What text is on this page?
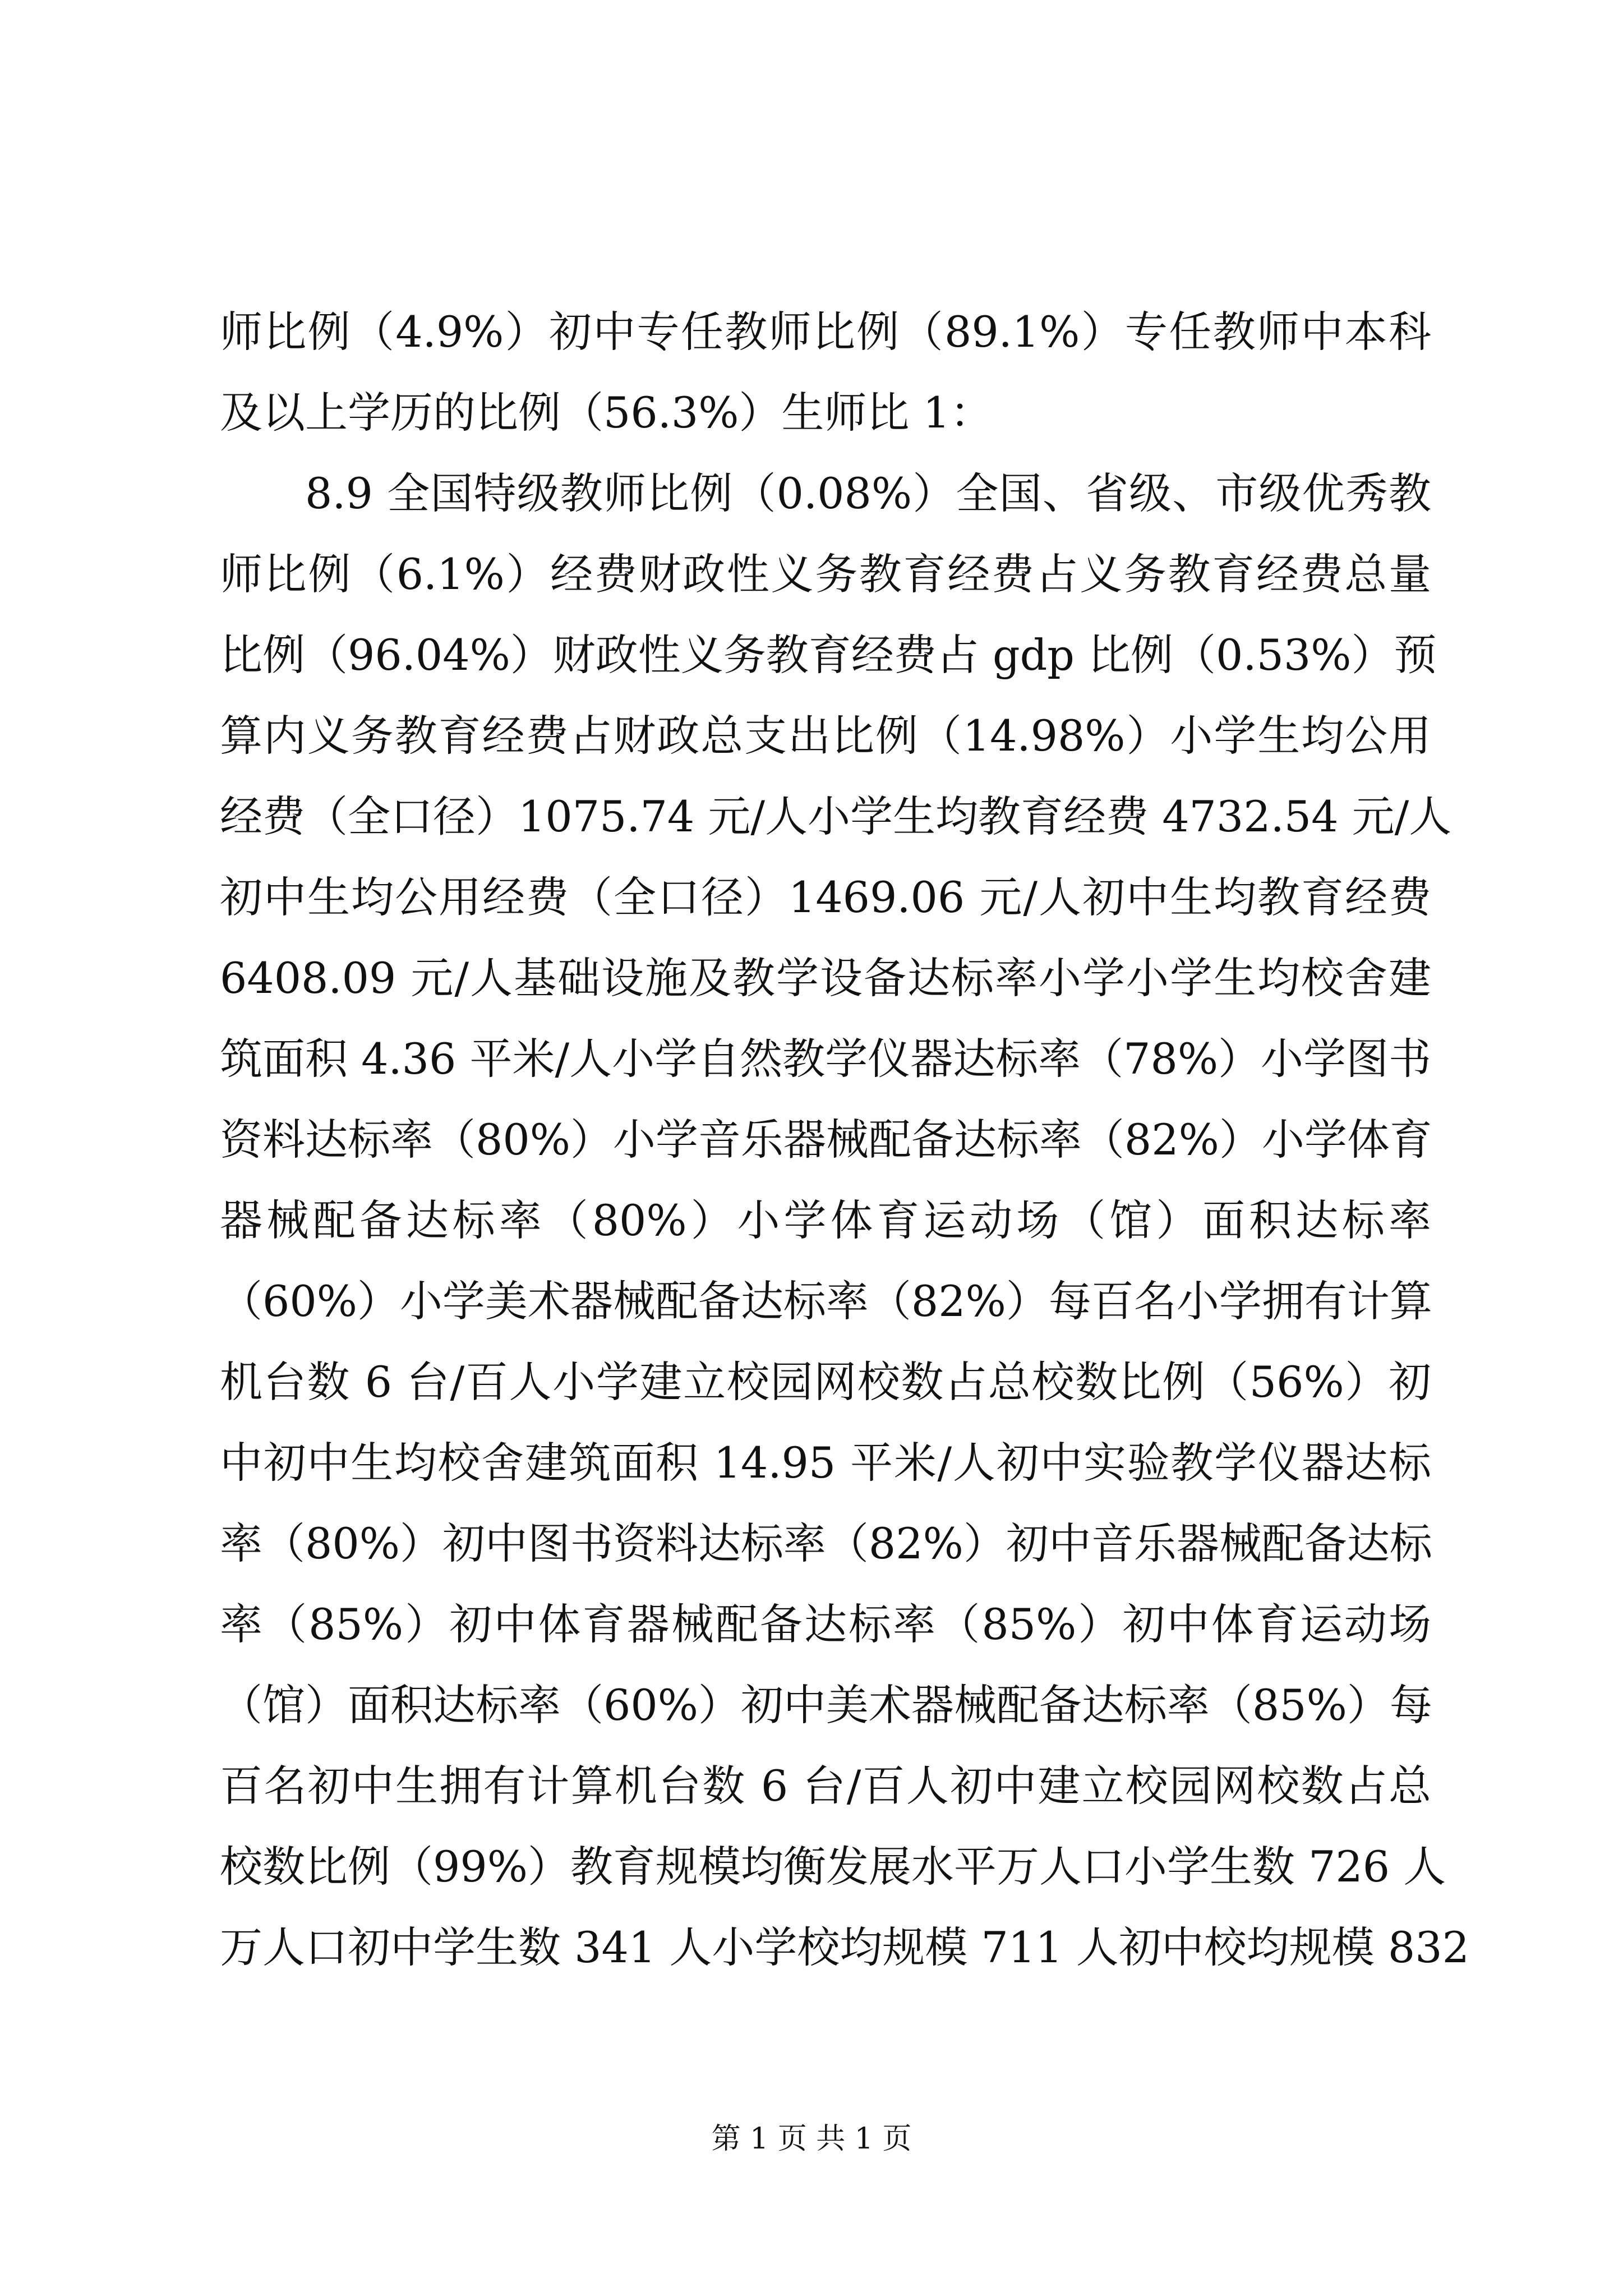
师比例（4.9%）初中专任教师比例（89.1%）专任教师中本科
及以上学历的比例（56.3%）生师比 1：
8.9 全国特级教师比例（0.08%）全国、省级、市级优秀教
师比例（6.1%）经费财政性义务教育经费占义务教育经费总量
比例（96.04%）财政性义务教育经费占 gdp 比例（0.53%）预
算内义务教育经费占财政总支出比例（14.98%）小学生均公用
经费（全口径）1075.74 元/人小学生均教育经费 4732.54 元/人
初中生均公用经费（全口径）1469.06 元/人初中生均教育经费
6408.09 元/人基础设施及教学设备达标率小学小学生均校舍建
筑面积 4.36 平米/人小学自然教学仪器达标率（78%）小学图书
资料达标率（80%）小学音乐器械配备达标率（82%）小学体育
器械配备达标率（80%）小学体育运动场（馆）面积达标率
（60%）小学美术器械配备达标率（82%）每百名小学拥有计算
机台数 6 台/百人小学建立校园网校数占总校数比例（56%）初
中初中生均校舍建筑面积 14.95 平米/人初中实验教学仪器达标
率（80%）初中图书资料达标率（82%）初中音乐器械配备达标
率（85%）初中体育器械配备达标率（85%）初中体育运动场
（馆）面积达标率（60%）初中美术器械配备达标率（85%）每
百名初中生拥有计算机台数 6 台/百人初中建立校园网校数占总
校数比例（99%）教育规模均衡发展水平万人口小学生数 726 人
万人口初中学生数 341 人小学校均规模 711 人初中校均规模 832
第 1 页 共 1 页
